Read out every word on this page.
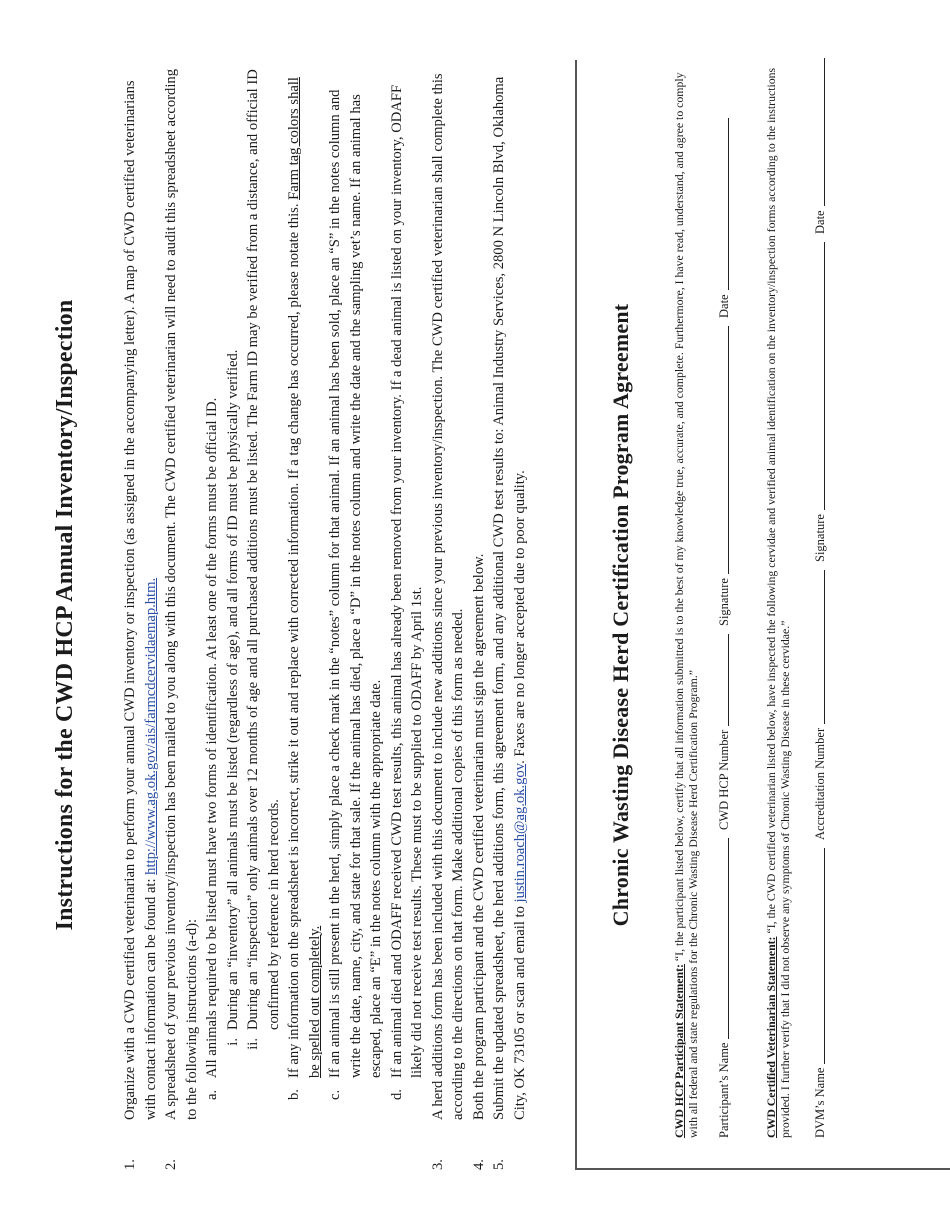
Instructions for the CWD HCP Annual Inventory/Inspection
1.
Organize with a CWD certified veterinarian to perform your annual CWD inventory or inspection (as assigned in the accompanying letter). A map of CWD certified veterinarians with contact information can be found at: http://www.ag.ok.gov/ais/farmcdcervidaemap.htm.
2.
A spreadsheet of your previous inventory/inspection has been mailed to you along with this document. The CWD certified veterinarian will need to audit this spreadsheet according to the following instructions (a-d): a.
All animals required to be listed must have two forms of identification. At least one of the forms must be official ID. i.
During an “inventory” all animals must be listed (regardless of age), and all forms of ID must be physically verified.
ii.
During an “inspection” only animals over 12 months of age and all purchased additions must be listed. The Farm ID may be verified from a distance, and official ID confirmed by reference in herd records.
b.
If any information on the spreadsheet is incorrect, strike it out and replace with corrected information. If a tag change has occurred, please notate this. Farm tag colors shall be spelled out completely.
c.
If an animal is still present in the herd, simply place a check mark in the “notes” column for that animal. If an animal has been sold, place an “S” in the notes column and write the date, name, city, and state for that sale. If the animal has died, place a “D” in the notes column and write the date and the sampling vet’s name. If an animal has escaped, place an “E” in the notes column with the appropriate date.
d.
If an animal died and ODAFF received CWD test results, this animal has already been removed from your inventory. If a dead animal is listed on your inventory, ODAFF likely did not receive test results. These must to be supplied to ODAFF by April 1st.
3.
A herd additions form has been included with this document to include new additions since your previous inventory/inspection. The CWD certified veterinarian shall complete this according to the directions on that form. Make additional copies of this form as needed.
4.
Both the program participant and the CWD certified veterinarian must sign the agreement below.
5.
Submit the updated spreadsheet, the herd additions form, this agreement form, and any additional CWD test results to: Animal Industry Services, 2800 N Lincoln Blvd, Oklahoma City, OK 73105 or scan and email to justin.roach@ag.ok.gov. Faxes are no longer accepted due to poor quality.	Chronic Wasting Disease Herd Certification Program Agreement
CWD HCP Participant Statement: “I, the participant listed below, certify that all information submitted is to the best of my knowledge true, accurate, and complete. Furthermore, I have read, understand, and agree to comply with all federal and state regulations for the Chronic Wasting Disease Herd Certification Program.” Participant’s Name
CWD HCP Number
Signature
Date
CWD Certified Veterinarian Statement: “I, the CWD certified veterinarian listed below, have inspected the following cervidae and verified animal identification on the inventory/inspection forms according to the instructions provided. I further verify that I did not observe any symptoms of Chronic Wasting Disease in these cervidae.” DVM’s Name
Accreditation Number
Signature
Date
